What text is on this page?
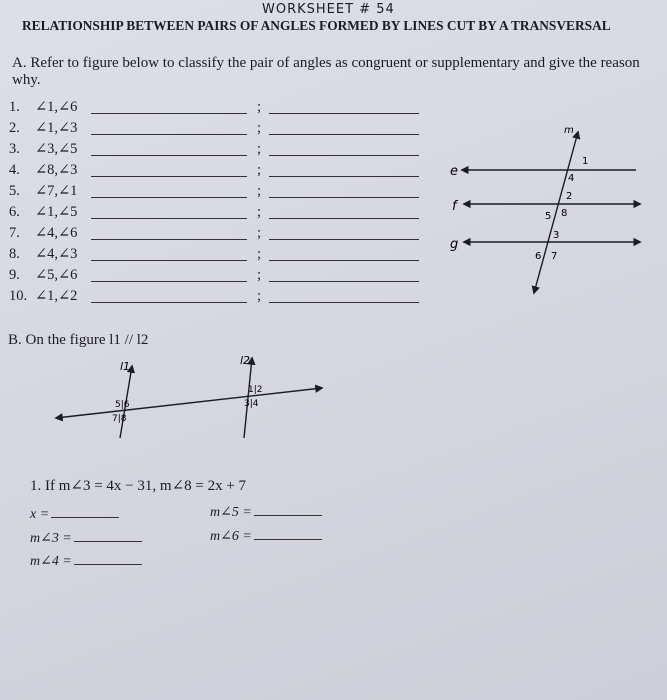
WORKSHEET # 54
RELATIONSHIP BETWEEN PAIRS OF ANGLES FORMED BY LINES CUT BY A TRANSVERSAL
A. Refer to figure below to classify the pair of angles as congruent or supplementary and give the reason why.
1. ∠1,∠6	;
2. ∠1,∠3	;
3. ∠3,∠5	;
4. ∠8,∠3	;
5. ∠7,∠1	;
6. ∠1,∠5	;
7. ∠4,∠6	;
8. ∠4,∠3	;
9. ∠5,∠6	;
10. ∠1,∠2	;
e
f
g
m
1
4
2
5 8
3
6 7
B. On the figure l1 // l2
l1	l2
5|6
7|8
1|2
3|4
1. If m∠3 = 4x − 31, m∠8 = 2x + 7
x =
m∠3 =
m∠4 =
m∠5 =
m∠6 =
